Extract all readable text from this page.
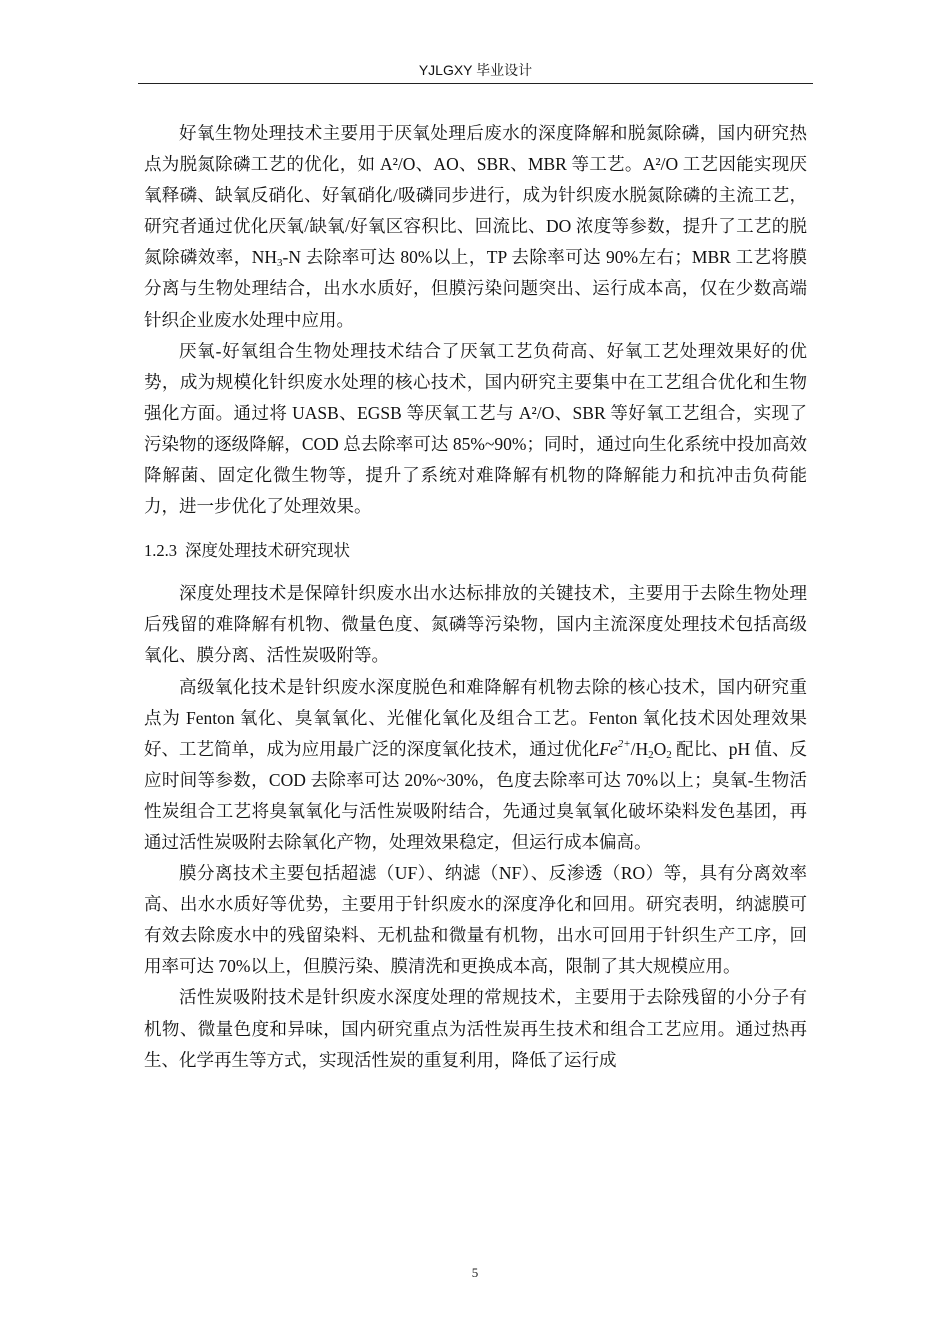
YJLGXY 毕业设计

好氧生物处理技术主要用于厌氧处理后废水的深度降解和脱氮除磷，国内研究热点为脱氮除磷工艺的优化，如 A²/O、AO、SBR、MBR 等工艺。A²/O 工艺因能实现厌氧释磷、缺氧反硝化、好氧硝化/吸磷同步进行，成为针织废水脱氮除磷的主流工艺，研究者通过优化厌氧/缺氧/好氧区容积比、回流比、DO 浓度等参数，提升了工艺的脱氮除磷效率，$NH_3-N$ 去除率可达 80%以上，TP 去除率可达 90%左右；MBR 工艺将膜分离与生物处理结合，出水水质好，但膜污染问题突出、运行成本高，仅在少数高端针织企业废水处理中应用。

厌氧-好氧组合生物处理技术结合了厌氧工艺负荷高、好氧工艺处理效果好的优势，成为规模化针织废水处理的核心技术，国内研究主要集中在工艺组合优化和生物强化方面。通过将 UASB、EGSB 等厌氧工艺与 A²/O、SBR 等好氧工艺组合，实现了污染物的逐级降解，COD 总去除率可达 85%~90%；同时，通过向生化系统中投加高效降解菌、固定化微生物等，提升了系统对难降解有机物的降解能力和抗冲击负荷能力，进一步优化了处理效果。

1.2.3 深度处理技术研究现状

深度处理技术是保障针织废水出水达标排放的关键技术，主要用于去除生物处理后残留的难降解有机物、微量色度、氮磷等污染物，国内主流深度处理技术包括高级氧化、膜分离、活性炭吸附等。

高级氧化技术是针织废水深度脱色和难降解有机物去除的核心技术，国内研究重点为 Fenton 氧化、臭氧氧化、光催化氧化及组合工艺。Fenton 氧化技术因处理效果好、工艺简单，成为应用最广泛的深度氧化技术，通过优化$Fe^{2+}/H_2O_2$ 配比、pH 值、反应时间等参数，COD 去除率可达 20%~30%，色度去除率可达 70%以上；臭氧-生物活性炭组合工艺将臭氧氧化与活性炭吸附结合，先通过臭氧氧化破坏染料发色基团，再通过活性炭吸附去除氧化产物，处理效果稳定，但运行成本偏高。

膜分离技术主要包括超滤（UF）、纳滤（NF）、反渗透（RO）等，具有分离效率高、出水水质好等优势，主要用于针织废水的深度净化和回用。研究表明，纳滤膜可有效去除废水中的残留染料、无机盐和微量有机物，出水可回用于针织生产工序，回用率可达 70%以上，但膜污染、膜清洗和更换成本高，限制了其大规模应用。

活性炭吸附技术是针织废水深度处理的常规技术，主要用于去除残留的小分子有机物、微量色度和异味，国内研究重点为活性炭再生技术和组合工艺应用。通过热再生、化学再生等方式，实现活性炭的重复利用，降低了运行成

5
